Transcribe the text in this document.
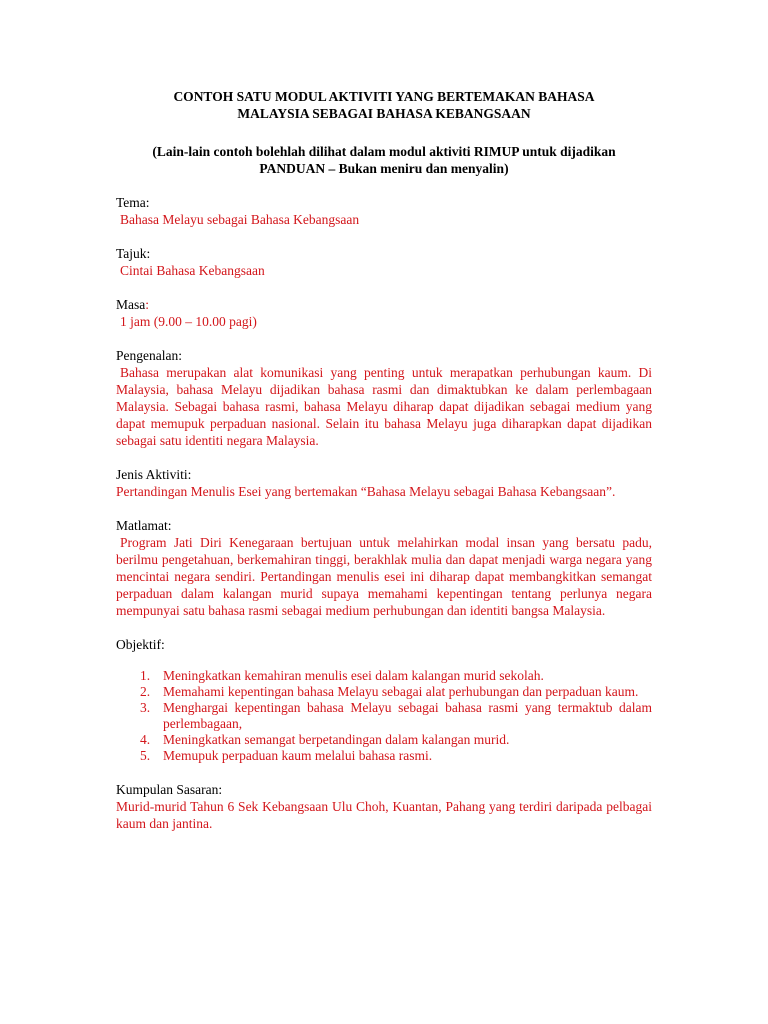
CONTOH SATU MODUL AKTIVITI YANG BERTEMAKAN BAHASA
MALAYSIA SEBAGAI BAHASA KEBANGSAAN

(Lain-lain contoh bolehlah dilihat dalam modul aktiviti RIMUP untuk dijadikan
PANDUAN – Bukan meniru dan menyalin)

Tema:

Bahasa Melayu sebagai Bahasa Kebangsaan

Tajuk:

Cintai Bahasa Kebangsaan

Masa:

1 jam (9.00 – 10.00 pagi)

Pengenalan:

Bahasa merupakan alat komunikasi yang penting untuk merapatkan perhubungan kaum. Di Malaysia, bahasa Melayu dijadikan bahasa rasmi dan dimaktubkan ke dalam perlembagaan Malaysia. Sebagai bahasa rasmi, bahasa Melayu diharap dapat dijadikan sebagai medium yang dapat memupuk perpaduan nasional. Selain itu bahasa Melayu juga diharapkan dapat dijadikan sebagai satu identiti negara Malaysia.

Jenis Aktiviti:

Pertandingan Menulis Esei yang bertemakan “Bahasa Melayu sebagai Bahasa Kebangsaan”.

Matlamat:

Program Jati Diri Kenegaraan bertujuan untuk melahirkan modal insan yang bersatu padu, berilmu pengetahuan, berkemahiran tinggi, berakhlak mulia dan dapat menjadi warga negara yang mencintai negara sendiri. Pertandingan menulis esei ini diharap dapat membangkitkan semangat perpaduan dalam kalangan murid supaya memahami kepentingan tentang perlunya negara mempunyai satu bahasa rasmi sebagai medium perhubungan dan identiti bangsa Malaysia.

Objektif:

1. Meningkatkan kemahiran menulis esei dalam kalangan murid sekolah.
2. Memahami kepentingan bahasa Melayu sebagai alat perhubungan dan perpaduan kaum.
3. Menghargai kepentingan bahasa Melayu sebagai bahasa rasmi yang termaktub dalam perlembagaan,
4. Meningkatkan semangat berpetandingan dalam kalangan murid.
5. Memupuk perpaduan kaum melalui bahasa rasmi.

Kumpulan Sasaran:

Murid-murid Tahun 6 Sek Kebangsaan Ulu Choh, Kuantan, Pahang yang terdiri daripada pelbagai kaum dan jantina.
